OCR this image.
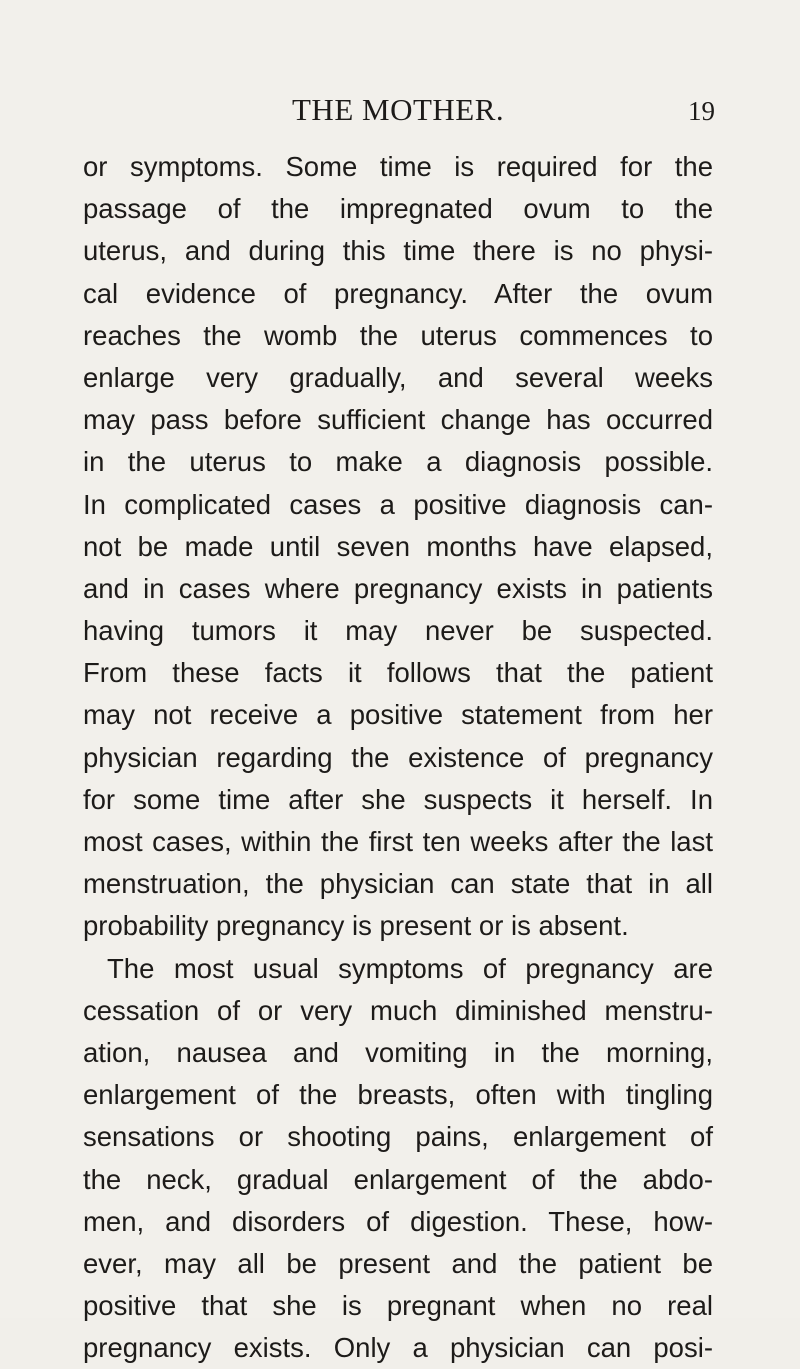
THE MOTHER.	19
or symptoms. Some time is required for the
passage of the impregnated ovum to the
uterus, and during this time there is no physi-
cal evidence of pregnancy. After the ovum
reaches the womb the uterus commences to
enlarge very gradually, and several weeks
may pass before sufficient change has occurred
in the uterus to make a diagnosis possible.
In complicated cases a positive diagnosis can-
not be made until seven months have elapsed,
and in cases where pregnancy exists in patients
having tumors it may never be suspected.
From these facts it follows that the patient
may not receive a positive statement from her
physician regarding the existence of pregnancy
for some time after she suspects it herself. In
most cases, within the first ten weeks after the last
menstruation, the physician can state that in all
probability pregnancy is present or is absent.
The most usual symptoms of pregnancy are
cessation of or very much diminished menstru-
ation, nausea and vomiting in the morning,
enlargement of the breasts, often with tingling
sensations or shooting pains, enlargement of
the neck, gradual enlargement of the abdo-
men, and disorders of digestion. These, how-
ever, may all be present and the patient be
positive that she is pregnant when no real
pregnancy exists. Only a physician can posi-
